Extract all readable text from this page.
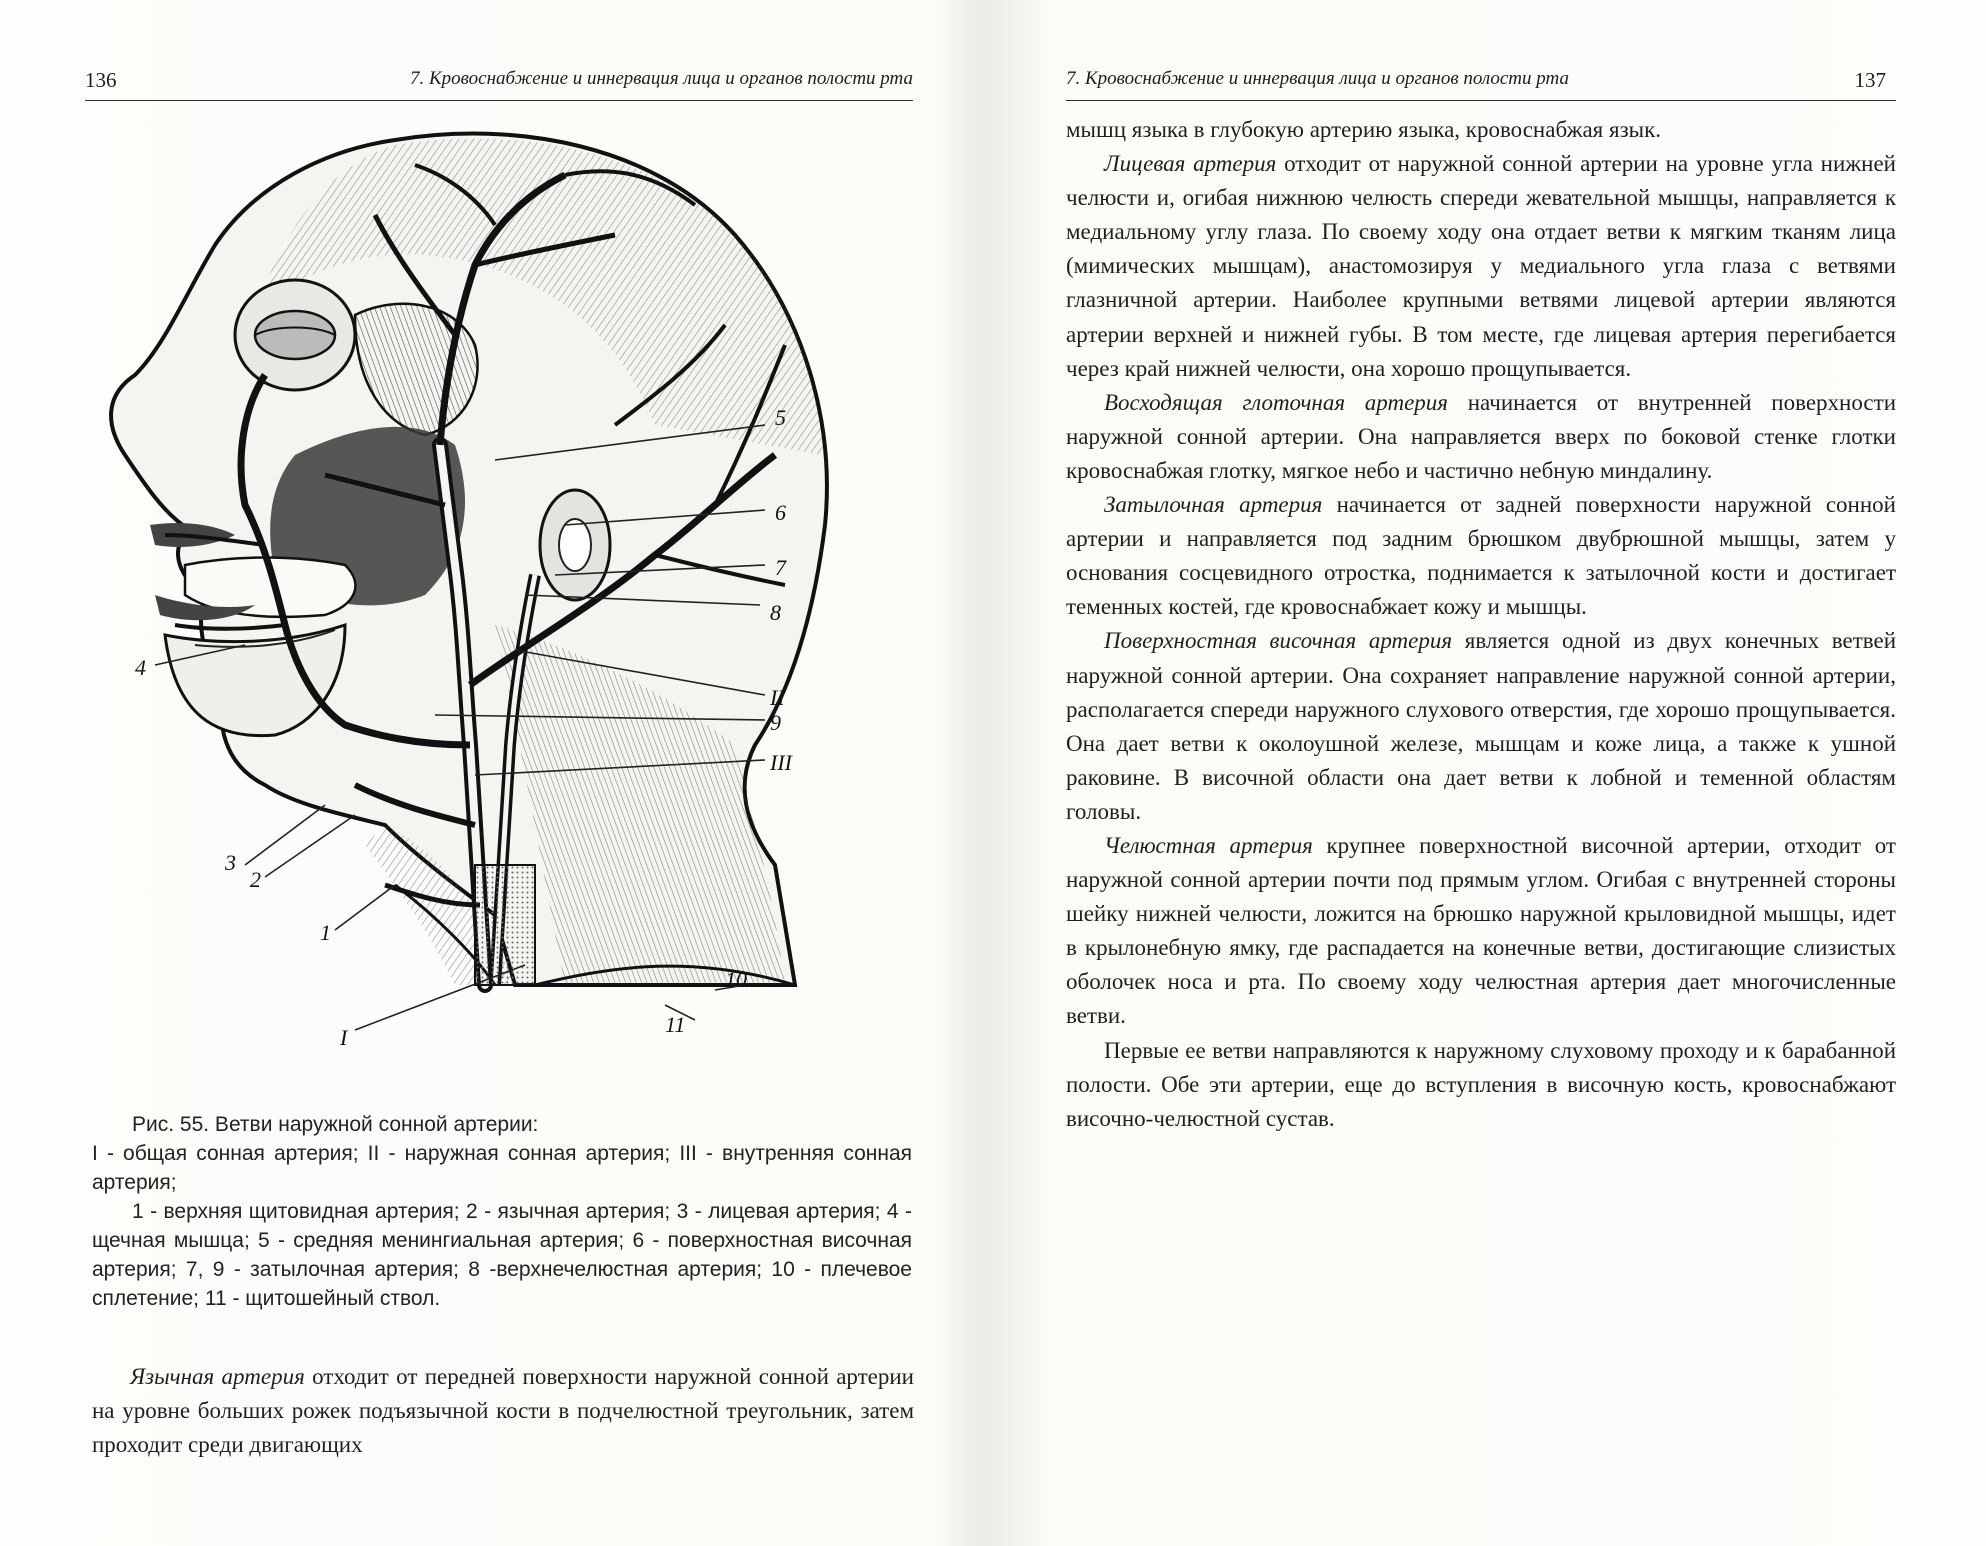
136	7. Кровоснабжение и иннервация лица и органов полости рта
5
6
7
8
4
II
9
III
3
2
1
10
11
I

Рис. 55. Ветви наружной сонной артерии:

I - общая сонная артерия; II - наружная сонная артерия; III - внутренняя сонная артерия;

1 - верхняя щитовидная артерия; 2 - язычная артерия; 3 - лицевая артерия; 4 - щечная мышца; 5 - средняя менингиальная артерия; 6 - поверхностная височная артерия; 7, 9 - затылочная артерия; 8 -верхнечелюстная артерия; 10 - плечевое сплетение; 11 - щитошейный ствол.

Язычная артерия отходит от передней поверхности наружной сонной артерии на уровне больших рожек подъязычной кости в подчелюстной треугольник, затем проходит среди двигающих

7. Кровоснабжение и иннервация лица и органов полости рта	137

мышц языка в глубокую артерию языка, кровоснабжая язык.

Лицевая артерия отходит от наружной сонной артерии на уровне угла нижней челюсти и, огибая нижнюю челюсть спереди жевательной мышцы, направляется к медиальному углу глаза. По своему ходу она отдает ветви к мягким тканям лица (мимических мышцам), анастомозируя у медиального угла глаза с ветвями глазничной артерии. Наиболее крупными ветвями лицевой артерии являются артерии верхней и нижней губы. В том месте, где лицевая артерия перегибается через край нижней челюсти, она хорошо прощупывается.

Восходящая глоточная артерия начинается от внутренней поверхности наружной сонной артерии. Она направляется вверх по боковой стенке глотки кровоснабжая глотку, мягкое небо и частично небную миндалину.

Затылочная артерия начинается от задней поверхности наружной сонной артерии и направляется под задним брюшком двубрюшной мышцы, затем у основания сосцевидного отростка, поднимается к затылочной кости и достигает теменных костей, где кровоснабжает кожу и мышцы.

Поверхностная височная артерия является одной из двух конечных ветвей наружной сонной артерии. Она сохраняет направление наружной сонной артерии, располагается спереди наружного слухового отверстия, где хорошо прощупывается. Она дает ветви к околоушной железе, мышцам и коже лица, а также к ушной раковине. В височной области она дает ветви к лобной и теменной областям головы.

Челюстная артерия крупнее поверхностной височной артерии, отходит от наружной сонной артерии почти под прямым углом. Огибая с внутренней стороны шейку нижней челюсти, ложится на брюшко наружной крыловидной мышцы, идет в крылонебную ямку, где распадается на конечные ветви, достигающие слизистых оболочек носа и рта. По своему ходу челюстная артерия дает многочисленные ветви.

Первые ее ветви направляются к наружному слуховому проходу и к барабанной полости. Обе эти артерии, еще до вступления в височную кость, кровоснабжают височно-челюстной сустав.
